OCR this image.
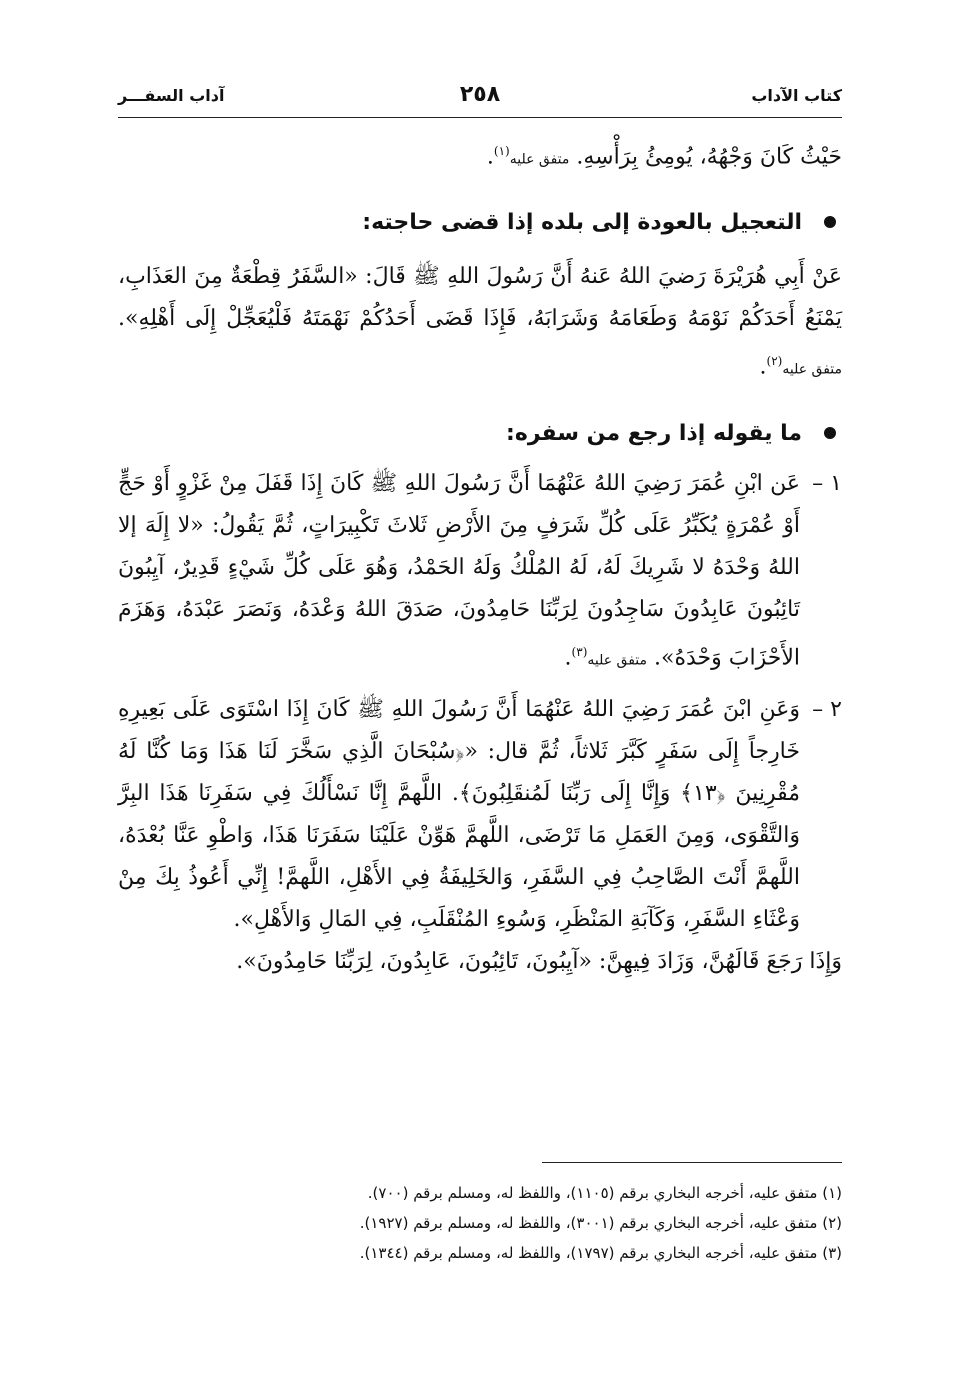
كتاب الآداب
٢٥٨
آداب السفـــر

حَيْثُ كَانَ وَجْهُهُ، يُومِئُ بِرَأْسِهِ. متفق عليه$^{(١)}$.

التعجيل بالعودة إلى بلده إذا قضى حاجته:

عَنْ أَبِي هُرَيْرَةَ رَضيَ اللهُ عَنهُ أَنَّ رَسُولَ اللهِ ﷺ قَالَ: «السَّفَرُ قِطْعَةٌ مِنَ العَذَابِ، يَمْنَعُ أَحَدَكُمْ نَوْمَهُ وَطَعَامَهُ وَشَرَابَهُ، فَإِذَا قَضَى أَحَدُكُمْ نَهْمَتَهُ فَلْيُعَجِّلْ إِلَى أَهْلِهِ». متفق عليه$^{(٢)}$.

ما يقوله إذا رجع من سفره:

١ –
عَن ابْنِ عُمَرَ رَضِيَ اللهُ عَنْهُمَا أَنَّ رَسُولَ اللهِ ﷺ كَانَ إِذَا قَفَلَ مِنْ غَزْوٍ أَوْ حَجٍّ أَوْ عُمْرَةٍ يُكَبِّرُ عَلَى كُلِّ شَرَفٍ مِنَ الأَرْضِ ثَلاثَ تَكْبِيرَاتٍ، ثُمَّ يَقُولُ: «لا إِلَهَ إلا اللهُ وَحْدَهُ لا شَرِيكَ لَهُ، لَهُ المُلْكُ وَلَهُ الحَمْدُ، وَهُوَ عَلَى كُلِّ شَيْءٍ قَدِيرٌ، آيِبُونَ تَائِبُونَ عَابِدُونَ سَاجِدُونَ لِرَبِّنَا حَامِدُونَ، صَدَقَ اللهُ وَعْدَهُ، وَنَصَرَ عَبْدَهُ، وَهَزَمَ الأَحْزَابَ وَحْدَهُ». متفق عليه$^{(٣)}$.

٢ –
وَعَنِ ابْنَ عُمَرَ رَضِيَ اللهُ عَنْهُمَا أَنَّ رَسُولَ اللهِ ﷺ كَانَ إِذَا اسْتَوَى عَلَى بَعِيرِهِ خَارِجاً إِلَى سَفَرٍ كَبَّرَ ثَلاثاً، ثُمَّ قال: «﴿سُبْحَانَ الَّذِي سَخَّرَ لَنَا هَذَا وَمَا كُنَّا لَهُ مُقْرِنِينَ ﴿١٣﴾ وَإِنَّا إِلَى رَبِّنَا لَمُنقَلِبُونَ﴾. اللَّهمَّ إِنَّا نَسْأَلُكَ فِي سَفَرِنَا هَذَا البِرَّ وَالتَّقْوَى، وَمِنَ العَمَلِ مَا تَرْضَى، اللَّهمَّ هَوِّنْ عَلَيْنَا سَفَرَنَا هَذَا، وَاطْوِ عَنَّا بُعْدَهُ، اللَّهمَّ أَنْتَ الصَّاحِبُ فِي السَّفَرِ، وَالخَلِيفَةُ فِي الأَهْلِ، اللَّهمَّ! إِنِّي أَعُوذُ بِكَ مِنْ وَعْثَاءِ السَّفَرِ، وَكَآبَةِ المَنْظَرِ، وَسُوءِ المُنْقَلَبِ، فِي المَالِ وَالأَهْلِ».

وَإِذَا رَجَعَ قَالَهُنَّ، وَزَادَ فِيهِنَّ: «آيِبُونَ، تَائِبُونَ، عَابِدُونَ، لِرَبِّنَا حَامِدُونَ».

(١) متفق عليه، أخرجه البخاري برقم (١١٠٥)، واللفظ له، ومسلم برقم (٧٠٠).
(٢) متفق عليه، أخرجه البخاري برقم (٣٠٠١)، واللفظ له، ومسلم برقم (١٩٢٧).
(٣) متفق عليه، أخرجه البخاري برقم (١٧٩٧)، واللفظ له، ومسلم برقم (١٣٤٤).
